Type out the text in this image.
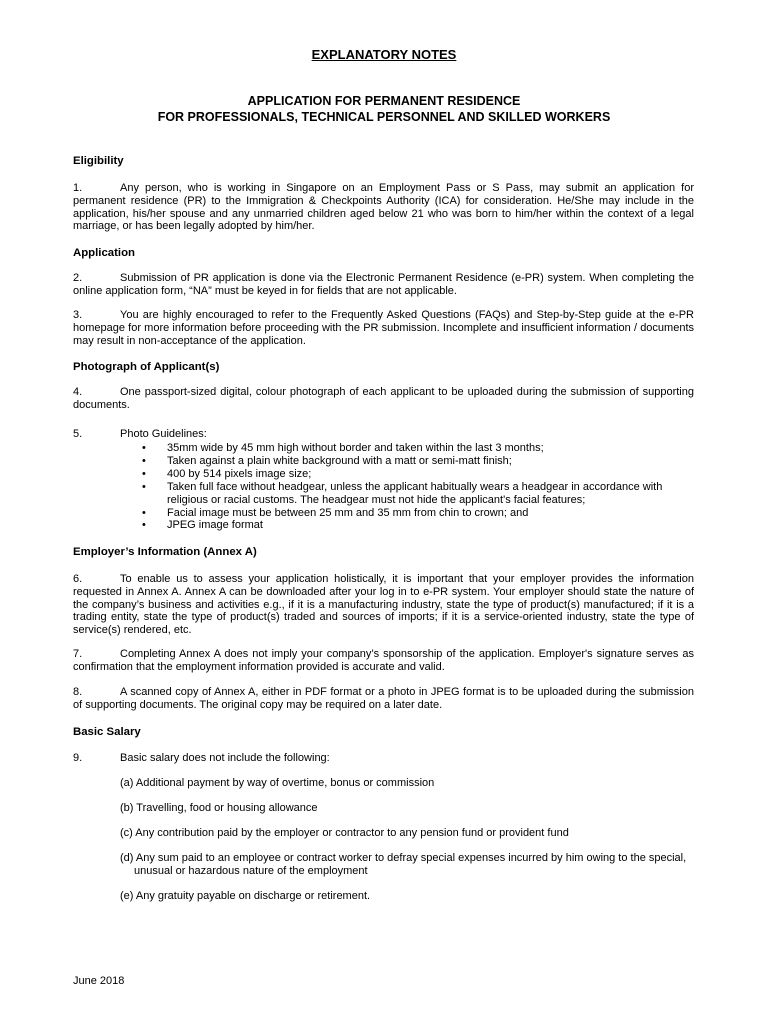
EXPLANATORY NOTES
APPLICATION FOR PERMANENT RESIDENCE
FOR PROFESSIONALS, TECHNICAL PERSONNEL AND SKILLED WORKERS
Eligibility
1.	Any person, who is working in Singapore on an Employment Pass or S Pass, may submit an application for permanent residence (PR) to the Immigration & Checkpoints Authority (ICA) for consideration. He/She may include in the application, his/her spouse and any unmarried children aged below 21 who was born to him/her within the context of a legal marriage, or has been legally adopted by him/her.
Application
2.	Submission of PR application is done via the Electronic Permanent Residence (e-PR) system. When completing the online application form, “NA” must be keyed in for fields that are not applicable.
3.	You are highly encouraged to refer to the Frequently Asked Questions (FAQs) and Step-by-Step guide at the e-PR homepage for more information before proceeding with the PR submission. Incomplete and insufficient information / documents may result in non-acceptance of the application.
Photograph of Applicant(s)
4.	One passport-sized digital, colour photograph of each applicant to be uploaded during the submission of supporting documents.
5.	Photo Guidelines:
• 35mm wide by 45 mm high without border and taken within the last 3 months;
• Taken against a plain white background with a matt or semi-matt finish;
• 400 by 514 pixels image size;
• Taken full face without headgear, unless the applicant habitually wears a headgear in accordance with religious or racial customs. The headgear must not hide the applicant's facial features;
• Facial image must be between 25 mm and 35 mm from chin to crown; and
• JPEG image format
Employer’s Information (Annex A)
6.	To enable us to assess your application holistically, it is important that your employer provides the information requested in Annex A. Annex A can be downloaded after your log in to e-PR system. Your employer should state the nature of the company’s business and activities e.g., if it is a manufacturing industry, state the type of product(s) manufactured; if it is a trading entity, state the type of product(s) traded and sources of imports; if it is a service-oriented industry, state the type of service(s) rendered, etc.
7.	Completing Annex A does not imply your company’s sponsorship of the application. Employer's signature serves as confirmation that the employment information provided is accurate and valid.
8.	A scanned copy of Annex A, either in PDF format or a photo in JPEG format is to be uploaded during the submission of supporting documents. The original copy may be required on a later date.
Basic Salary
9.	Basic salary does not include the following:
(a) Additional payment by way of overtime, bonus or commission
(b) Travelling, food or housing allowance
(c) Any contribution paid by the employer or contractor to any pension fund or provident fund
(d) Any sum paid to an employee or contract worker to defray special expenses incurred by him owing to the special, unusual or hazardous nature of the employment
(e) Any gratuity payable on discharge or retirement.
June 2018
